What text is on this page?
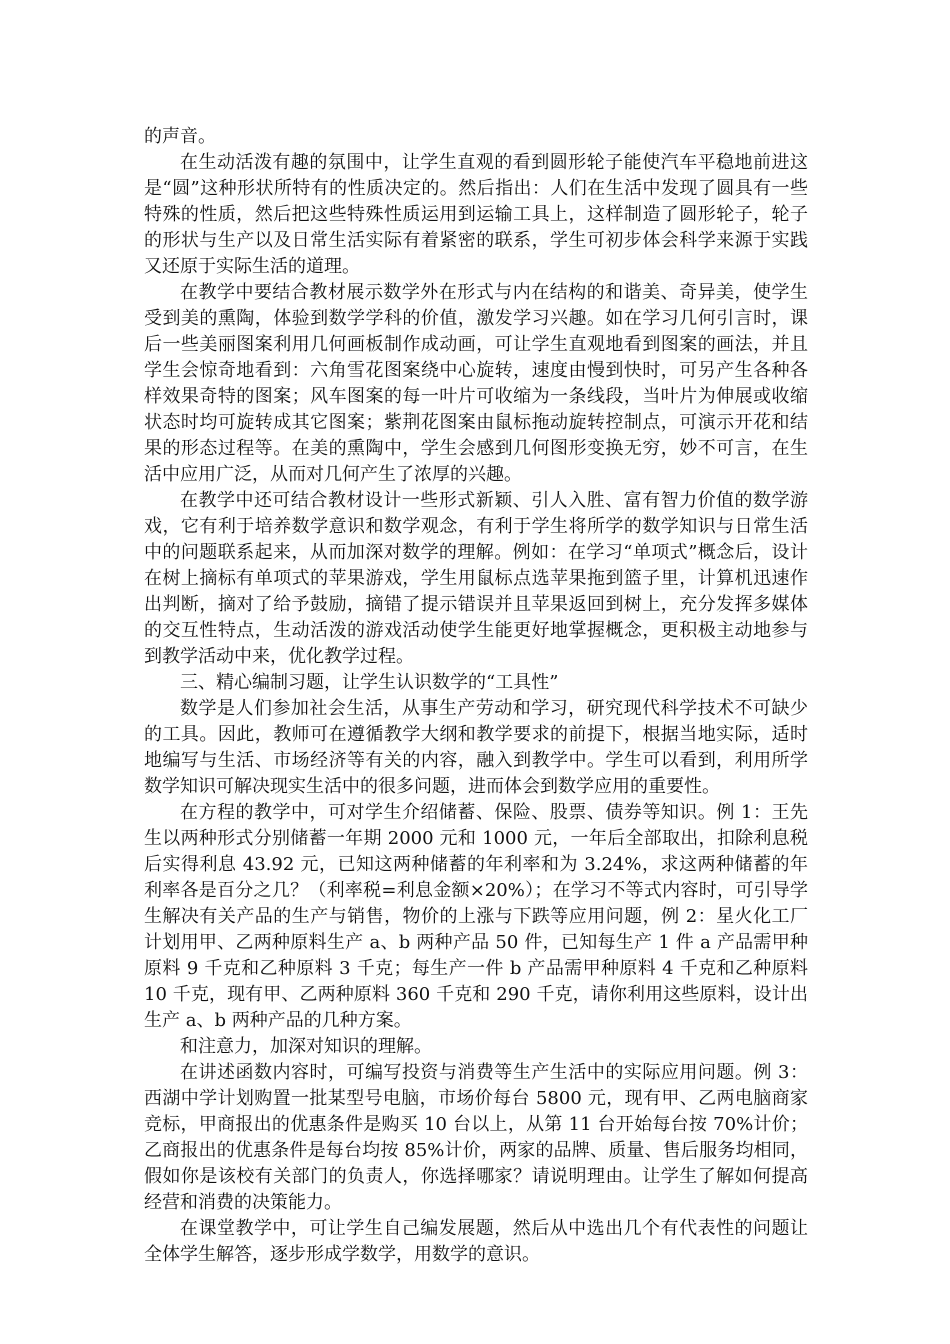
的声音。

在生动活泼有趣的氛围中，让学生直观的看到圆形轮子能使汽车平稳地前进这是“圆”这种形状所特有的性质决定的。然后指出：人们在生活中发现了圆具有一些特殊的性质，然后把这些特殊性质运用到运输工具上，这样制造了圆形轮子，轮子的形状与生产以及日常生活实际有着紧密的联系，学生可初步体会科学来源于实践又还原于实际生活的道理。

在教学中要结合教材展示数学外在形式与内在结构的和谐美、奇异美，使学生受到美的熏陶，体验到数学学科的价值，激发学习兴趣。如在学习几何引言时，课后一些美丽图案利用几何画板制作成动画，可让学生直观地看到图案的画法，并且学生会惊奇地看到：六角雪花图案绕中心旋转，速度由慢到快时，可另产生各种各样效果奇特的图案；风车图案的每一叶片可收缩为一条线段，当叶片为伸展或收缩状态时均可旋转成其它图案；紫荆花图案由鼠标拖动旋转控制点，可演示开花和结果的形态过程等。在美的熏陶中，学生会感到几何图形变换无穷，妙不可言，在生活中应用广泛，从而对几何产生了浓厚的兴趣。

在教学中还可结合教材设计一些形式新颖、引人入胜、富有智力价值的数学游戏，它有利于培养数学意识和数学观念，有利于学生将所学的数学知识与日常生活中的问题联系起来，从而加深对数学的理解。例如：在学习“单项式”概念后，设计在树上摘标有单项式的苹果游戏，学生用鼠标点选苹果拖到篮子里，计算机迅速作出判断，摘对了给予鼓励，摘错了提示错误并且苹果返回到树上，充分发挥多媒体的交互性特点，生动活泼的游戏活动使学生能更好地掌握概念，更积极主动地参与到教学活动中来，优化教学过程。

三、精心编制习题，让学生认识数学的“工具性”

数学是人们参加社会生活，从事生产劳动和学习，研究现代科学技术不可缺少的工具。因此，教师可在遵循教学大纲和教学要求的前提下，根据当地实际，适时地编写与生活、市场经济等有关的内容，融入到教学中。学生可以看到，利用所学数学知识可解决现实生活中的很多问题，进而体会到数学应用的重要性。

在方程的教学中，可对学生介绍储蓄、保险、股票、债券等知识。例 1：王先生以两种形式分别储蓄一年期 2000 元和 1000 元，一年后全部取出，扣除利息税后实得利息 43.92 元，已知这两种储蓄的年利率和为 3.24%，求这两种储蓄的年利率各是百分之几？（利率税=利息金额×20%）；在学习不等式内容时，可引导学生解决有关产品的生产与销售，物价的上涨与下跌等应用问题，例 2：星火化工厂计划用甲、乙两种原料生产 a、b 两种产品 50 件，已知每生产 1 件 a 产品需甲种原料 9 千克和乙种原料 3 千克；每生产一件 b 产品需甲种原料 4 千克和乙种原料 10 千克，现有甲、乙两种原料 360 千克和 290 千克，请你利用这些原料，设计出生产 a、b 两种产品的几种方案。

和注意力，加深对知识的理解。

在讲述函数内容时，可编写投资与消费等生产生活中的实际应用问题。例 3：西湖中学计划购置一批某型号电脑，市场价每台 5800 元，现有甲、乙两电脑商家竞标，甲商报出的优惠条件是购买 10 台以上，从第 11 台开始每台按 70%计价；乙商报出的优惠条件是每台均按 85%计价，两家的品牌、质量、售后服务均相同，假如你是该校有关部门的负责人，你选择哪家？请说明理由。让学生了解如何提高经营和消费的决策能力。

在课堂教学中，可让学生自己编发展题，然后从中选出几个有代表性的问题让全体学生解答，逐步形成学数学，用数学的意识。
